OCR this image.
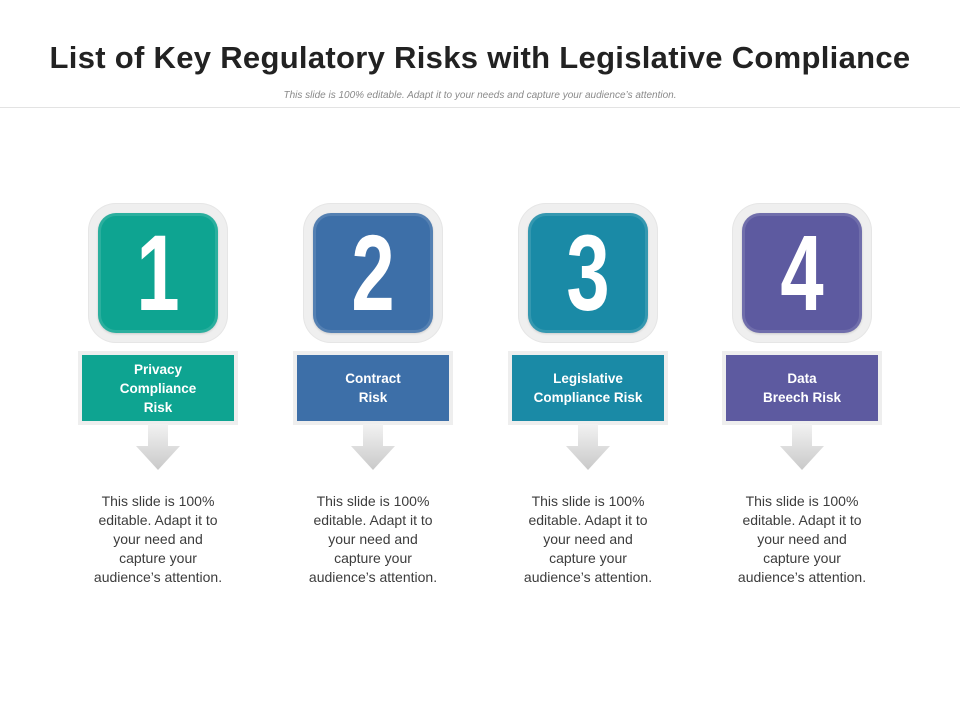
List of Key Regulatory Risks with Legislative Compliance
This slide is 100% editable. Adapt it to your needs and capture your audience’s attention.
1
Privacy
Compliance
Risk
This slide is 100%
editable. Adapt it to
your need and
capture your
audience’s attention.
2
Contract
Risk
This slide is 100%
editable. Adapt it to
your need and
capture your
audience’s attention.
3
Legislative
Compliance Risk
This slide is 100%
editable. Adapt it to
your need and
capture your
audience’s attention.
4
Data
Breech Risk
This slide is 100%
editable. Adapt it to
your need and
capture your
audience’s attention.
